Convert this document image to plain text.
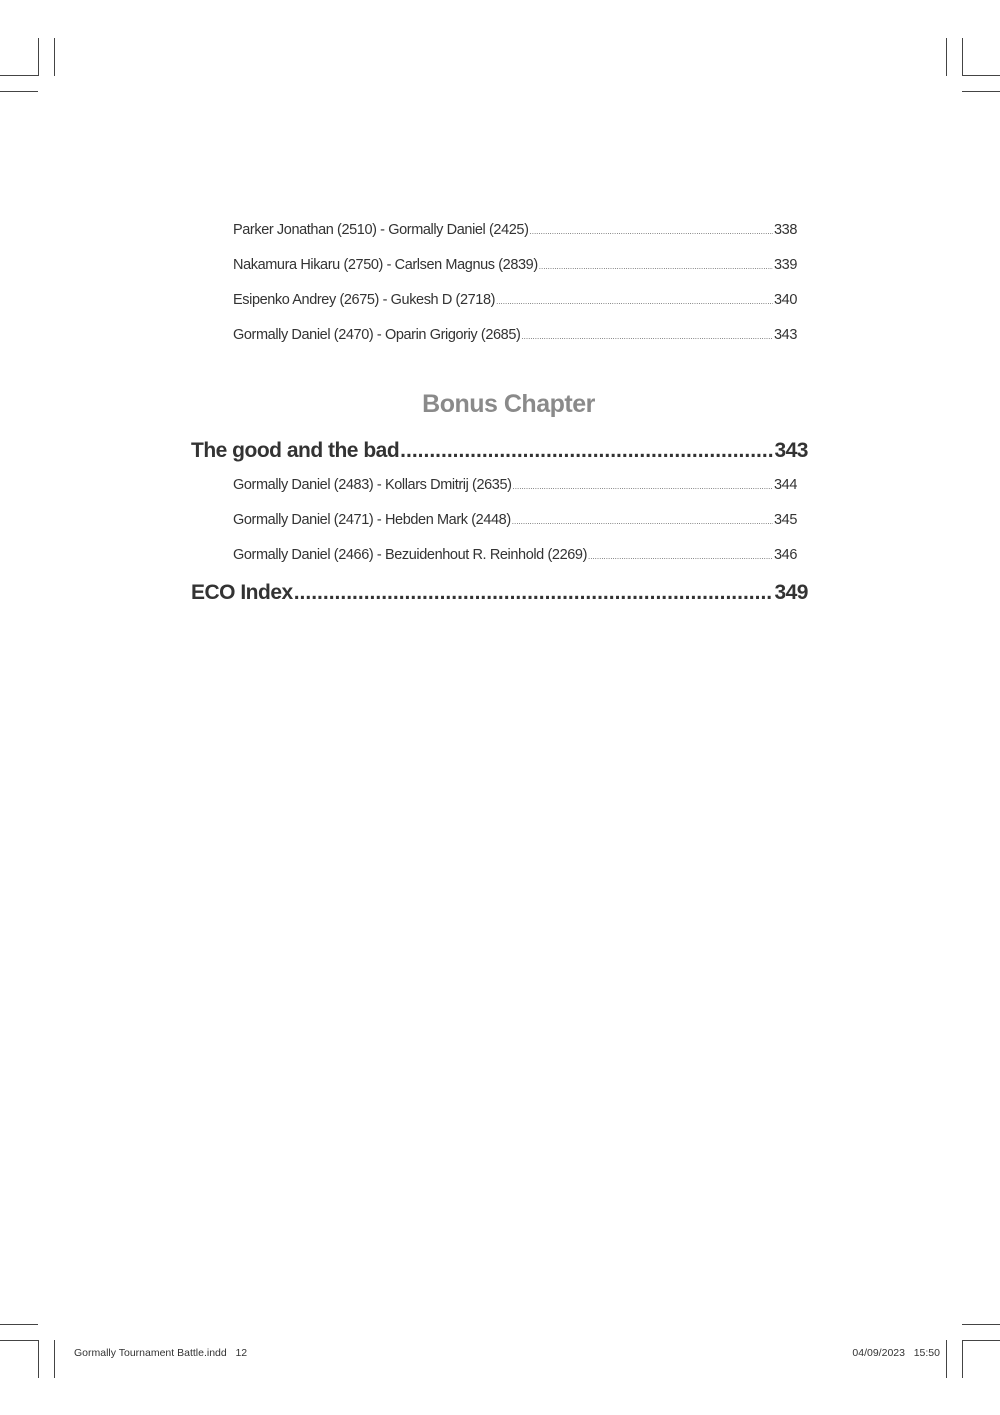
Parker Jonathan (2510) - Gormally Daniel (2425) .....	338
Nakamura Hikaru (2750) - Carlsen Magnus (2839) .....	339
Esipenko Andrey (2675) - Gukesh D (2718) .....	340
Gormally Daniel (2470) - Oparin Grigoriy (2685) .....	343
Bonus Chapter
The good and the bad .....	343
Gormally Daniel (2483) - Kollars Dmitrij (2635) .....	344
Gormally Daniel (2471) - Hebden Mark (2448) .....	345
Gormally Daniel (2466) - Bezuidenhout R. Reinhold (2269) .....	346
ECO Index .....	349
Gormally Tournament Battle.indd   12	04/09/2023   15:50
